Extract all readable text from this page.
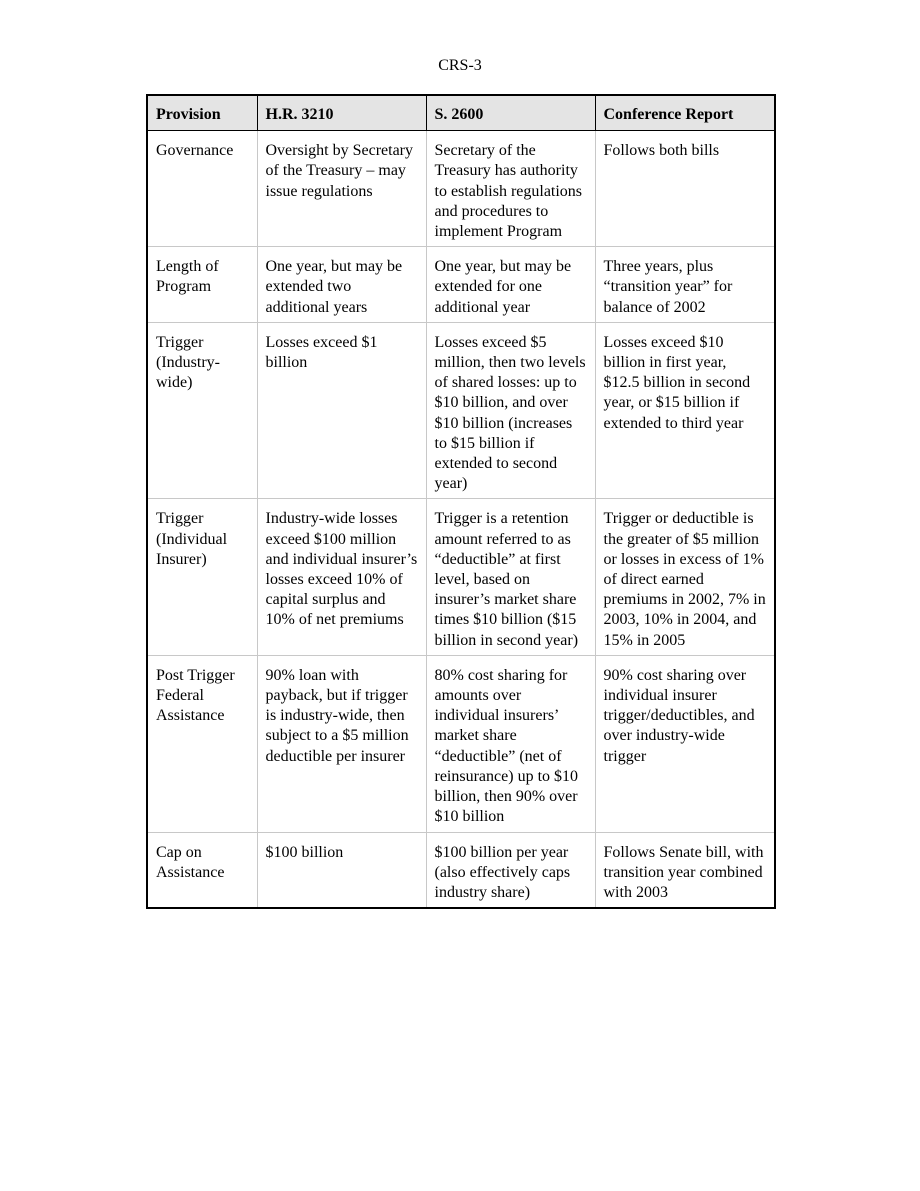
CRS-3
Provision	H.R. 3210	S. 2600	Conference Report
Governance	Oversight by Secretary of the Treasury – may issue regulations	Secretary of the Treasury has authority to establish regulations and procedures to implement Program	Follows both bills
Length of Program	One year, but may be extended two additional years	One year, but may be extended for one additional year	Three years, plus “transition year” for balance of 2002
Trigger (Industry-wide)	Losses exceed $1 billion	Losses exceed $5 million, then two levels of shared losses: up to $10 billion, and over $10 billion (increases to $15 billion if extended to second year)	Losses exceed $10 billion in first year, $12.5 billion in second year, or $15 billion if extended to third year
Trigger (Individual Insurer)	Industry-wide losses exceed $100 million and individual insurer’s losses exceed 10% of capital surplus and 10% of net premiums	Trigger is a retention amount referred to as “deductible” at first level, based on insurer’s market share times $10 billion ($15 billion in second year)	Trigger or deductible is the greater of $5 million or losses in excess of 1% of direct earned premiums in 2002, 7% in 2003, 10% in 2004, and 15% in 2005
Post Trigger Federal Assistance	90% loan with payback, but if trigger is industry-wide, then subject to a $5 million deductible per insurer	80% cost sharing for amounts over individual insurers’ market share “deductible” (net of reinsurance) up to $10 billion, then 90% over $10 billion	90% cost sharing over individual insurer trigger/deductibles, and over industry-wide trigger
Cap on Assistance	$100 billion	$100 billion per year (also effectively caps industry share)	Follows Senate bill, with transition year combined with 2003
